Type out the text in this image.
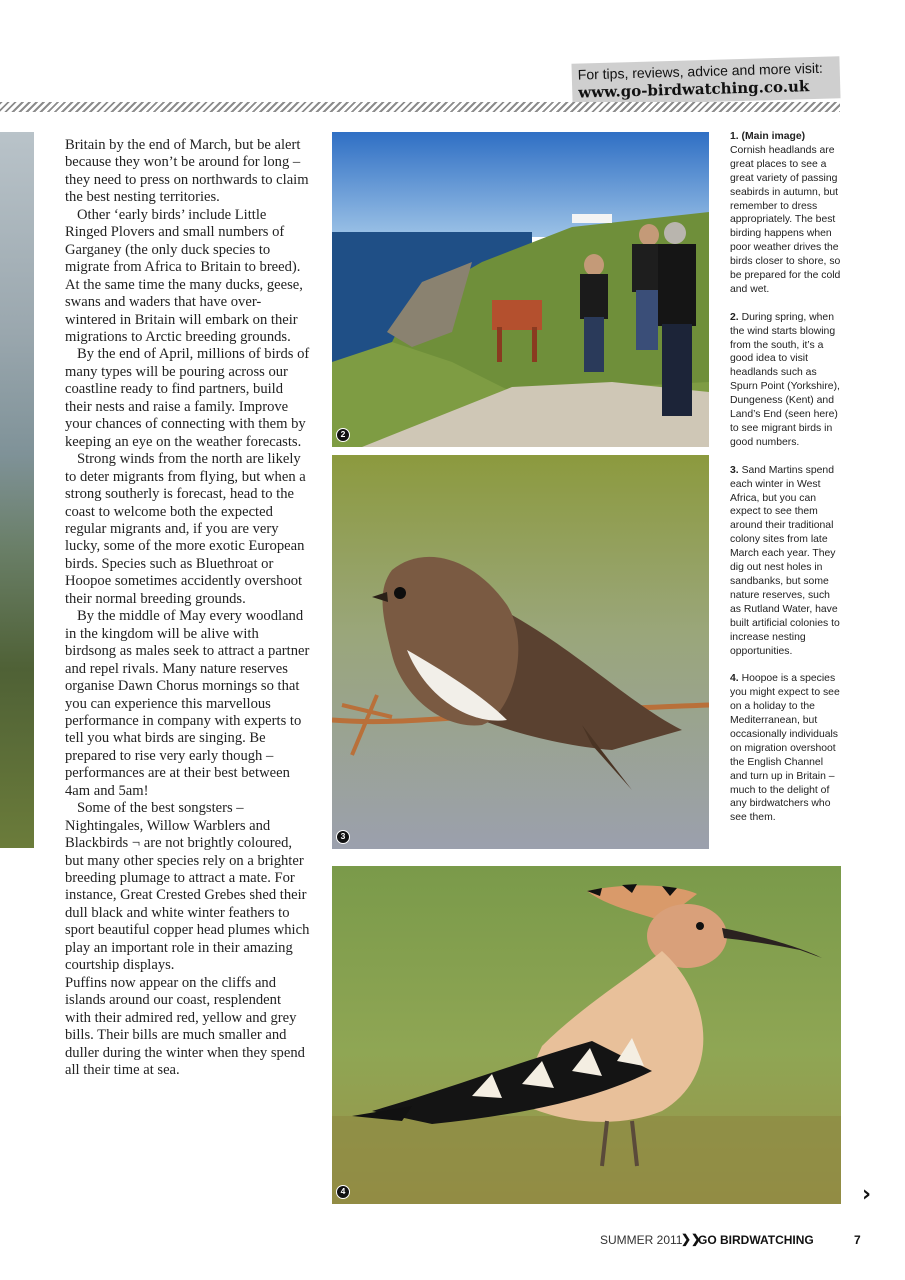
For tips, reviews, advice and more visit:
www.go-birdwatching.co.uk

Britain by the end of March, but be alert because they won’t be around for long – they need to press on northwards to claim the best nesting territories.

Other ‘early birds’ include Little Ringed Plovers and small numbers of Garganey (the only duck species to migrate from Africa to Britain to breed). At the same time the many ducks, geese, swans and waders that have over-wintered in Britain will embark on their migrations to Arctic breeding grounds.

By the end of April, millions of birds of many types will be pouring across our coastline ready to find partners, build their nests and raise a family. Improve your chances of connecting with them by keeping an eye on the weather forecasts.

Strong winds from the north are likely to deter migrants from flying, but when a strong southerly is forecast, head to the coast to welcome both the expected regular migrants and, if you are very lucky, some of the more exotic European birds. Species such as Bluethroat or Hoopoe sometimes accidently overshoot their normal breeding grounds.

By the middle of May every woodland in the kingdom will be alive with birdsong as males seek to attract a partner and repel rivals. Many nature reserves organise Dawn Chorus mornings so that you can experience this marvellous performance in company with experts to tell you what birds are singing. Be prepared to rise very early though – performances are at their best between 4am and 5am!

Some of the best songsters – Nightingales, Willow Warblers and Blackbirds ¬ are not brightly coloured, but many other species rely on a brighter breeding plumage to attract a mate. For instance, Great Crested Grebes shed their dull black and white winter feathers to sport beautiful copper head plumes which play an important role in their amazing courtship displays.

Puffins now appear on the cliffs and islands around our coast, resplendent with their admired red, yellow and grey bills. Their bills are much smaller and duller during the winter when they spend all their time at sea.

2
3
4
1. (Main image) Cornish headlands are great places to see a great variety of passing seabirds in autumn, but remember to dress appropriately. The best birding happens when poor weather drives the birds closer to shore, so be prepared for the cold and wet.
2. During spring, when the wind starts blowing from the south, it’s a good idea to visit headlands such as Spurn Point (Yorkshire), Dungeness (Kent) and Land’s End (seen here) to see migrant birds in good numbers.
3. Sand Martins spend each winter in West Africa, but you can expect to see them around their traditional colony sites from late March each year. They dig out nest holes in sandbanks, but some nature reserves, such as Rutland Water, have built artificial colonies to increase nesting opportunities.
4. Hoopoe is a species you might expect to see on a holiday to the Mediterranean, but occasionally individuals on migration overshoot the English Channel and turn up in Britain – much to the delight of any birdwatchers who see them.
›
SUMMER 2011
❯❯
GO BIRDWATCHING	7
